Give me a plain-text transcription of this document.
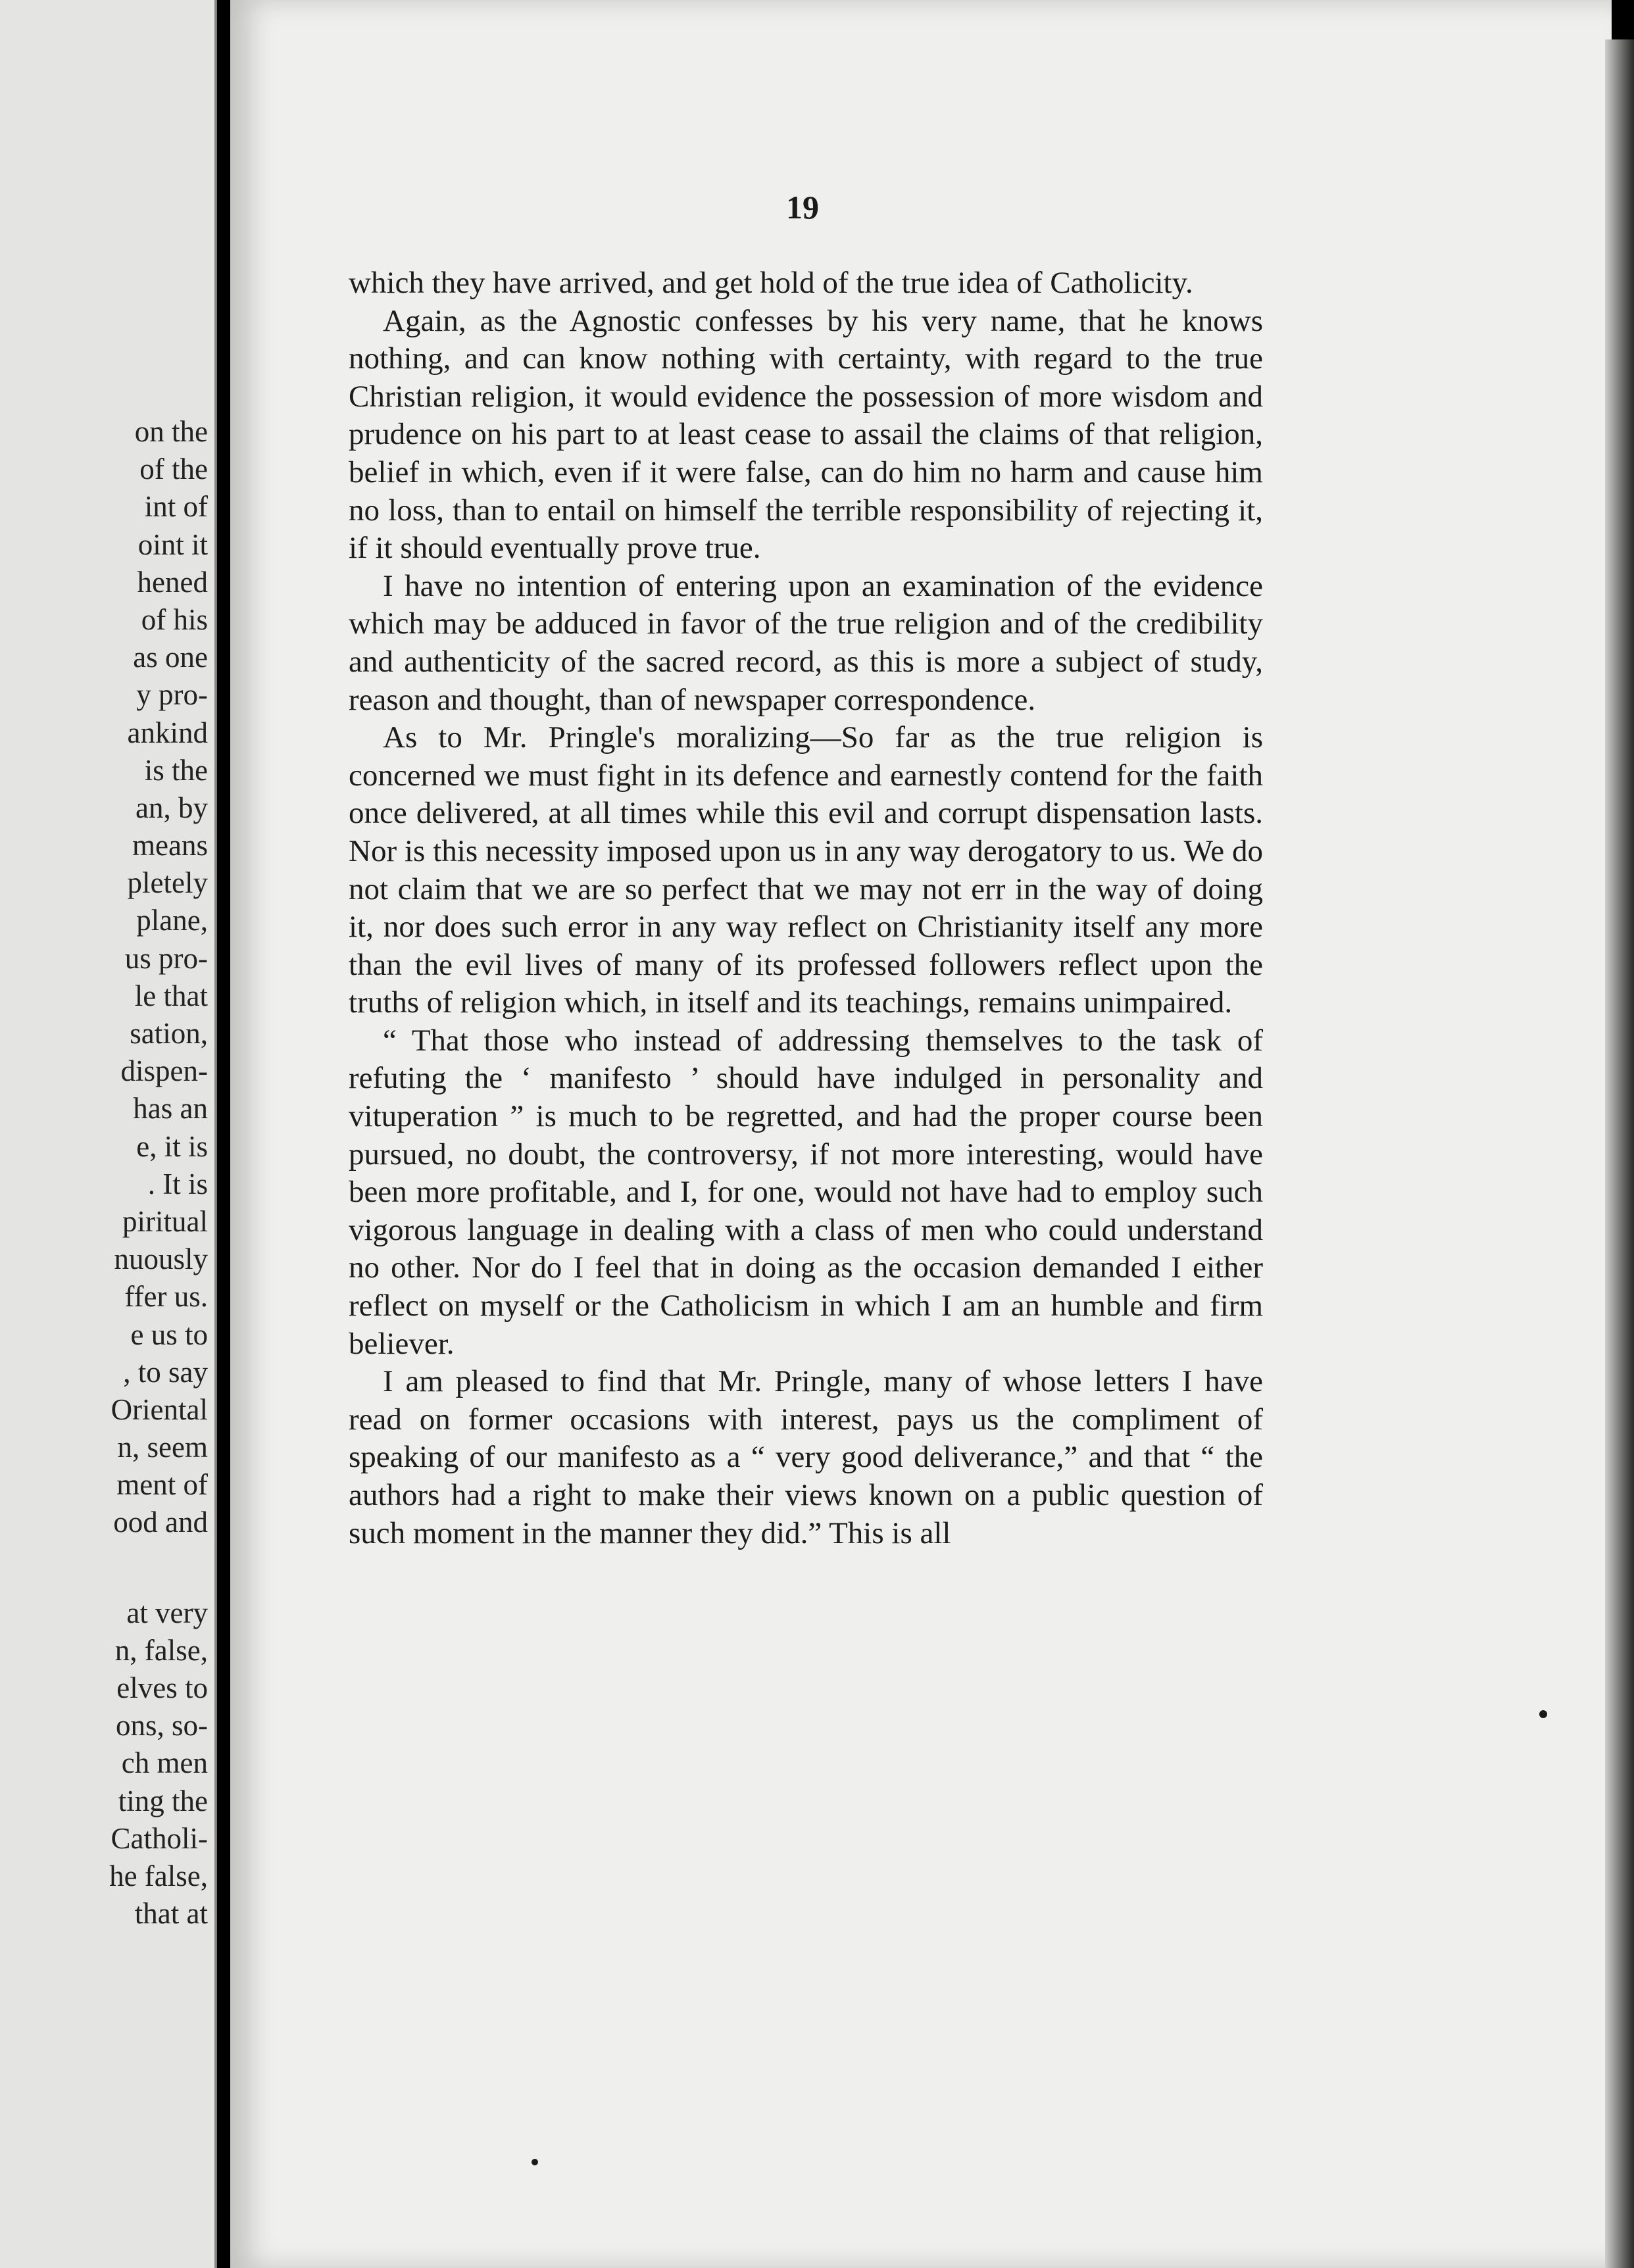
on the
of the
int of
oint it
hened
of his
as one
y pro-
ankind
is the
an, by
means
pletely
plane,
us pro-
le that
sation,
dispen-
has an
e, it is
. It is
piritual
nuously
ffer us.
e us to
, to say
Oriental
n, seem
ment of
ood and
at very
n, false,
elves to
ons, so-
ch men
ting the
Catholi-
he false,
that at
19

which they have arrived, and get hold of the true idea of Catholicity.

Again, as the Agnostic confesses by his very name, that he knows nothing, and can know nothing with certainty, with regard to the true Christian religion, it would evidence the possession of more wisdom and prudence on his part to at least cease to assail the claims of that religion, belief in which, even if it were false, can do him no harm and cause him no loss, than to entail on himself the terrible responsibility of rejecting it, if it should eventually prove true.

I have no intention of entering upon an examination of the evidence which may be adduced in favor of the true religion and of the credibility and authenticity of the sacred record, as this is more a subject of study, reason and thought, than of newspaper correspondence.

As to Mr. Pringle's moralizing—So far as the true religion is concerned we must fight in its defence and earnestly contend for the faith once delivered, at all times while this evil and corrupt dispensation lasts. Nor is this necessity imposed upon us in any way derogatory to us. We do not claim that we are so perfect that we may not err in the way of doing it, nor does such error in any way reflect on Christianity itself any more than the evil lives of many of its professed followers reflect upon the truths of religion which, in itself and its teachings, remains unimpaired.

“ That those who instead of addressing themselves to the task of refuting the ‘ manifesto ’ should have indulged in personality and vituperation ” is much to be regretted, and had the proper course been pursued, no doubt, the controversy, if not more interesting, would have been more profitable, and I, for one, would not have had to employ such vigorous language in dealing with a class of men who could understand no other. Nor do I feel that in doing as the occasion demanded I either reflect on myself or the Catholicism in which I am an humble and firm believer.

I am pleased to find that Mr. Pringle, many of whose letters I have read on former occasions with interest, pays us the compliment of speaking of our manifesto as a “ very good deliverance,” and that “ the authors had a right to make their views known on a public question of such moment in the manner they did.” This is all
